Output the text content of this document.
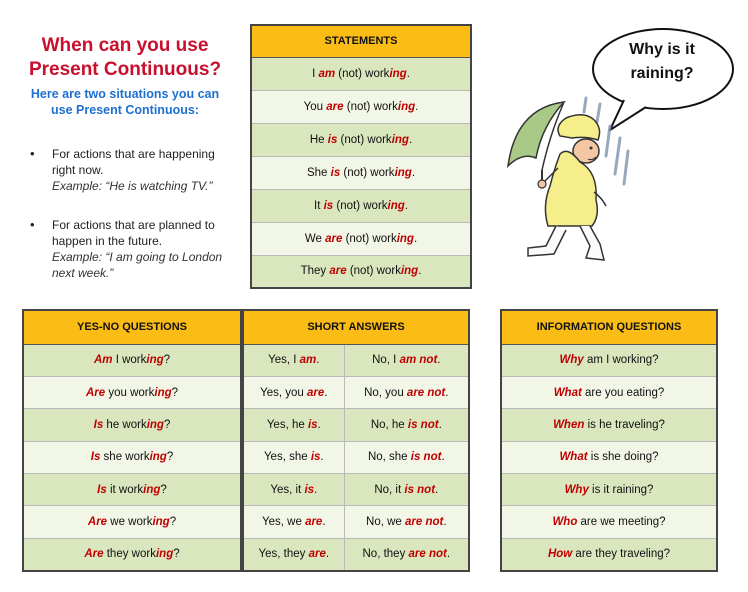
When can you use
Present Continuous?
Here are two situations you can
use Present Continuous:
• For actions that are happening
right now.
Example: “He is watching TV.”
• For actions that are planned to
happen in the future.
Example: “I am going to London
next week.”
STATEMENTS
I am (not) working.
You are (not) working.
He is (not) working.
She is (not) working.
It is (not) working.
We are (not) working.
They are (not) working.
Why is it
raining?
YES-NO QUESTIONS
Am I working?
Are you working?
Is he working?
Is she working?
Is it working?
Are we working?
Are they working?
SHORT ANSWERS	
Yes, I am.	No, I am not.
Yes, you are.	No, you are not.
Yes, he is.	No, he is not.
Yes, she is.	No, she is not.
Yes, it is.	No, it is not.
Yes, we are.	No, we are not.
Yes, they are.	No, they are not.
INFORMATION QUESTIONS
Why am I working?
What are you eating?
When is he traveling?
What is she doing?
Why is it raining?
Who are we meeting?
How are they traveling?
